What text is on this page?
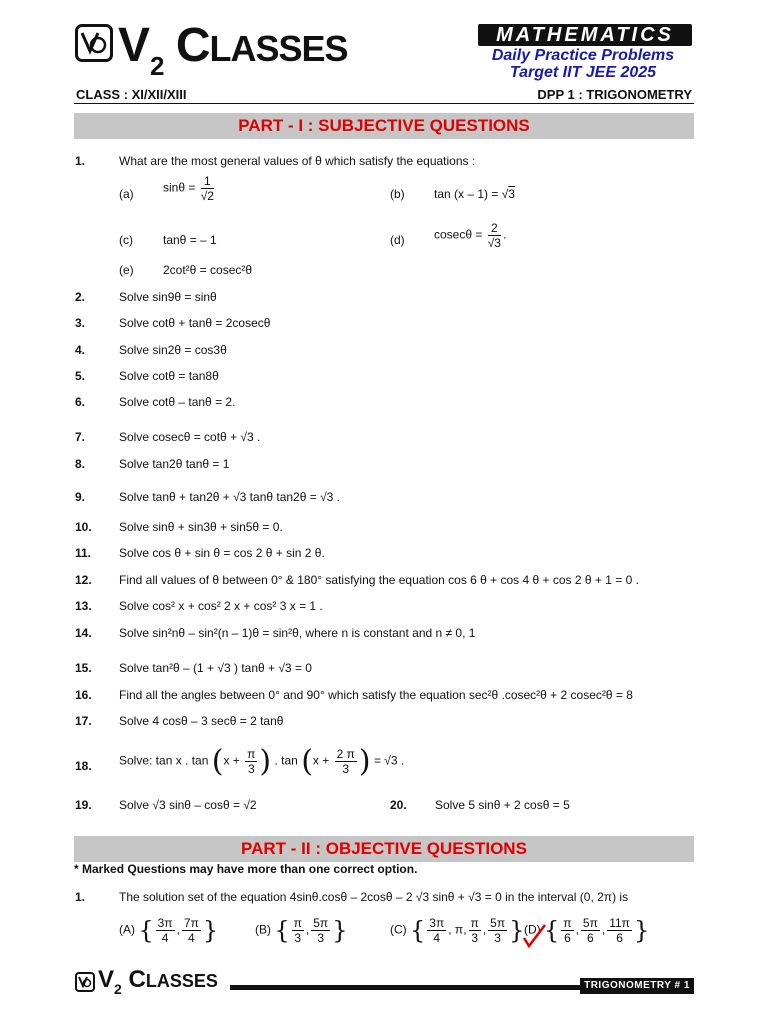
$V_2$ CLASSES	MATHEMATICS
Daily Practice Problems
Target IIT JEE 2025
CLASS : XI/XII/XIII	DPP 1 : TRIGONOMETRY
PART - I : SUBJECTIVE QUESTIONS
1.	What are the most general values of θ which satisfy the equations :
(a) $\sin\theta = \frac{1}{√2}$	(b) tan (x – 1) = √3
(c)	tanθ = – 1	(d) $cosec\theta = \frac{2}{√3}$ .
(e) 2cot²θ = cosec²θ
2.	Solve sin9θ = sinθ
3.	Solve cotθ + tanθ = 2cosecθ
4.	Solve sin2θ = cos3θ
5.	Solve cotθ = tan8θ
6.	Solve cotθ – tanθ = 2.
7.	Solve cosecθ = cotθ + √3 .
8.	Solve tan2θ tanθ = 1
9.	Solve tanθ + tan2θ + √3 tanθ tan2θ = √3 .
10. Solve sinθ + sin3θ + sin5θ = 0.
11. Solve cos θ + sin θ = cos 2 θ + sin 2 θ.
12. Find all values of θ between 0° & 180° satisfying the equation cos 6 θ + cos 4 θ + cos 2 θ + 1 = 0 .
13. Solve cos² x + cos² 2 x + cos² 3 x = 1 .
14. Solve sin²nθ – sin²(n – 1)θ = sin²θ, where n is constant and n ≠ 0, 1
15. Solve tan²θ – (1 + √3 ) tanθ + √3 = 0
16. Find all the angles between 0° and 90° which satisfy the equation sec²θ .cosec²θ + 2 cosec²θ = 8
17. Solve 4 cosθ – 3 secθ = 2 tanθ
18. Solve: tan x . $\tan (x + \frac{\pi}{3}$ ) . $\tan (x + \frac{2 \pi}{3}$ ) = √3 .
19. Solve √3 sinθ – cosθ = √2	20. Solve 5 sinθ + 2 cosθ = 5
PART - II : OBJECTIVE QUESTIONS
* Marked Questions may have more than one correct option.
1.	The solution set of the equation 4sinθ.cosθ – 2cosθ – 2 √3 sinθ + √3 = 0 in the interval (0, 2π) is
(A) { $\frac{3\pi}{4}$ , $\frac{7\pi}{4}$ }	(B) { $\frac{\pi}{3}$ , $\frac{5\pi}{3}$ }	(C) { $\frac{3\pi}{4}$ , π, $\frac{\pi}{3}$ , $\frac{5\pi}{3}$ } (D) { $\frac{\pi}{6}$ , $\frac{5\pi}{6}$ , $\frac{11\pi}{6}$ }
$V_2$ CLASSES	TRIGONOMETRY # 1
